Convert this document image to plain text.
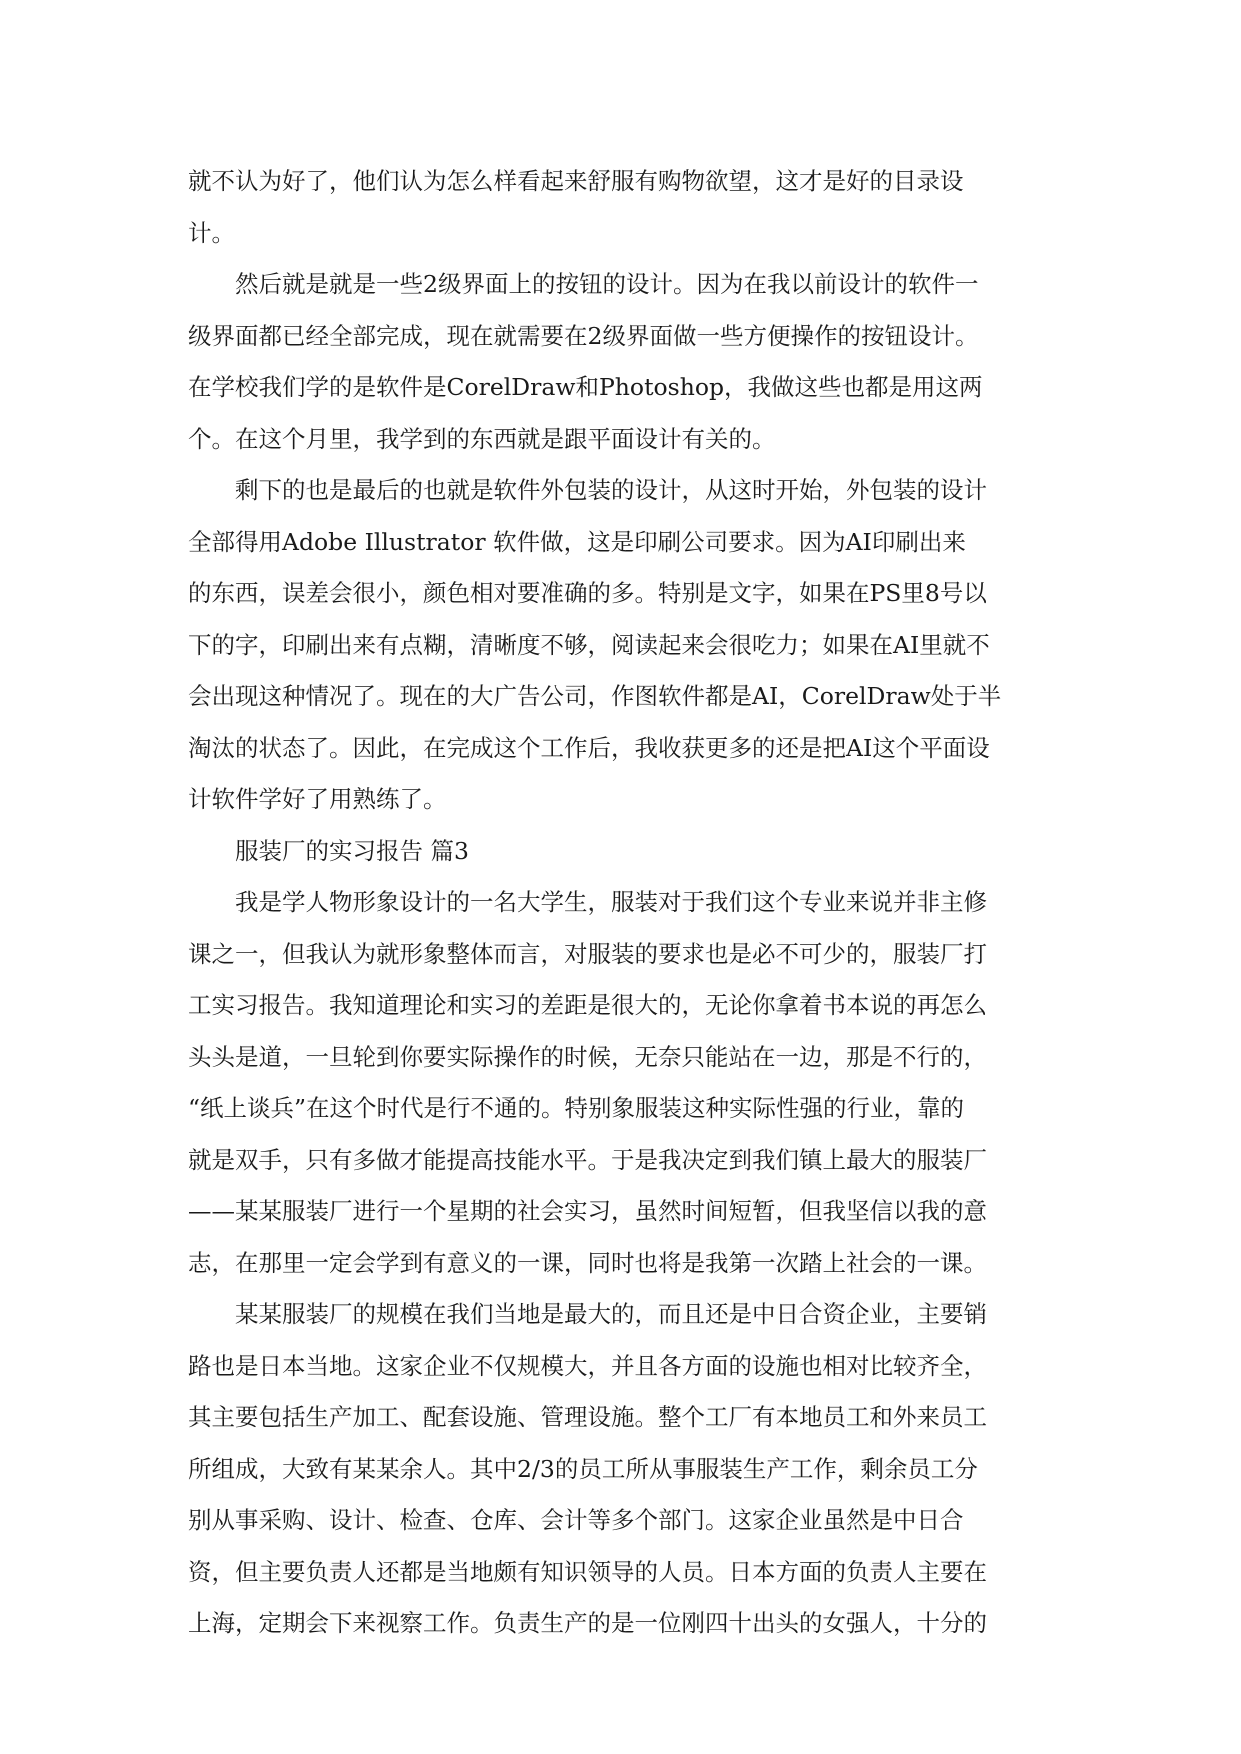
就不认为好了，他们认为怎么样看起来舒服有购物欲望，这才是好的目录设
计。
然后就是就是一些2级界面上的按钮的设计。因为在我以前设计的软件一
级界面都已经全部完成，现在就需要在2级界面做一些方便操作的按钮设计。
在学校我们学的是软件是CorelDraw和Photoshop，我做这些也都是用这两
个。在这个月里，我学到的东西就是跟平面设计有关的。
剩下的也是最后的也就是软件外包装的设计，从这时开始，外包装的设计
全部得用Adobe Illustrator 软件做，这是印刷公司要求。因为AI印刷出来
的东西，误差会很小，颜色相对要准确的多。特别是文字，如果在PS里8号以
下的字，印刷出来有点糊，清晰度不够，阅读起来会很吃力；如果在AI里就不
会出现这种情况了。现在的大广告公司，作图软件都是AI，CorelDraw处于半
淘汰的状态了。因此，在完成这个工作后，我收获更多的还是把AI这个平面设
计软件学好了用熟练了。
服装厂的实习报告 篇3
我是学人物形象设计的一名大学生，服装对于我们这个专业来说并非主修
课之一，但我认为就形象整体而言，对服装的要求也是必不可少的，服装厂打
工实习报告。我知道理论和实习的差距是很大的，无论你拿着书本说的再怎么
头头是道，一旦轮到你要实际操作的时候，无奈只能站在一边，那是不行的，
“纸上谈兵”在这个时代是行不通的。特别象服装这种实际性强的行业，靠的
就是双手，只有多做才能提高技能水平。于是我决定到我们镇上最大的服装厂
——某某服装厂进行一个星期的社会实习，虽然时间短暂，但我坚信以我的意
志，在那里一定会学到有意义的一课，同时也将是我第一次踏上社会的一课。
某某服装厂的规模在我们当地是最大的，而且还是中日合资企业，主要销
路也是日本当地。这家企业不仅规模大，并且各方面的设施也相对比较齐全，
其主要包括生产加工、配套设施、管理设施。整个工厂有本地员工和外来员工
所组成，大致有某某余人。其中2/3的员工所从事服装生产工作，剩余员工分
别从事采购、设计、检查、仓库、会计等多个部门。这家企业虽然是中日合
资，但主要负责人还都是当地颇有知识领导的人员。日本方面的负责人主要在
上海，定期会下来视察工作。负责生产的是一位刚四十出头的女强人，十分的
